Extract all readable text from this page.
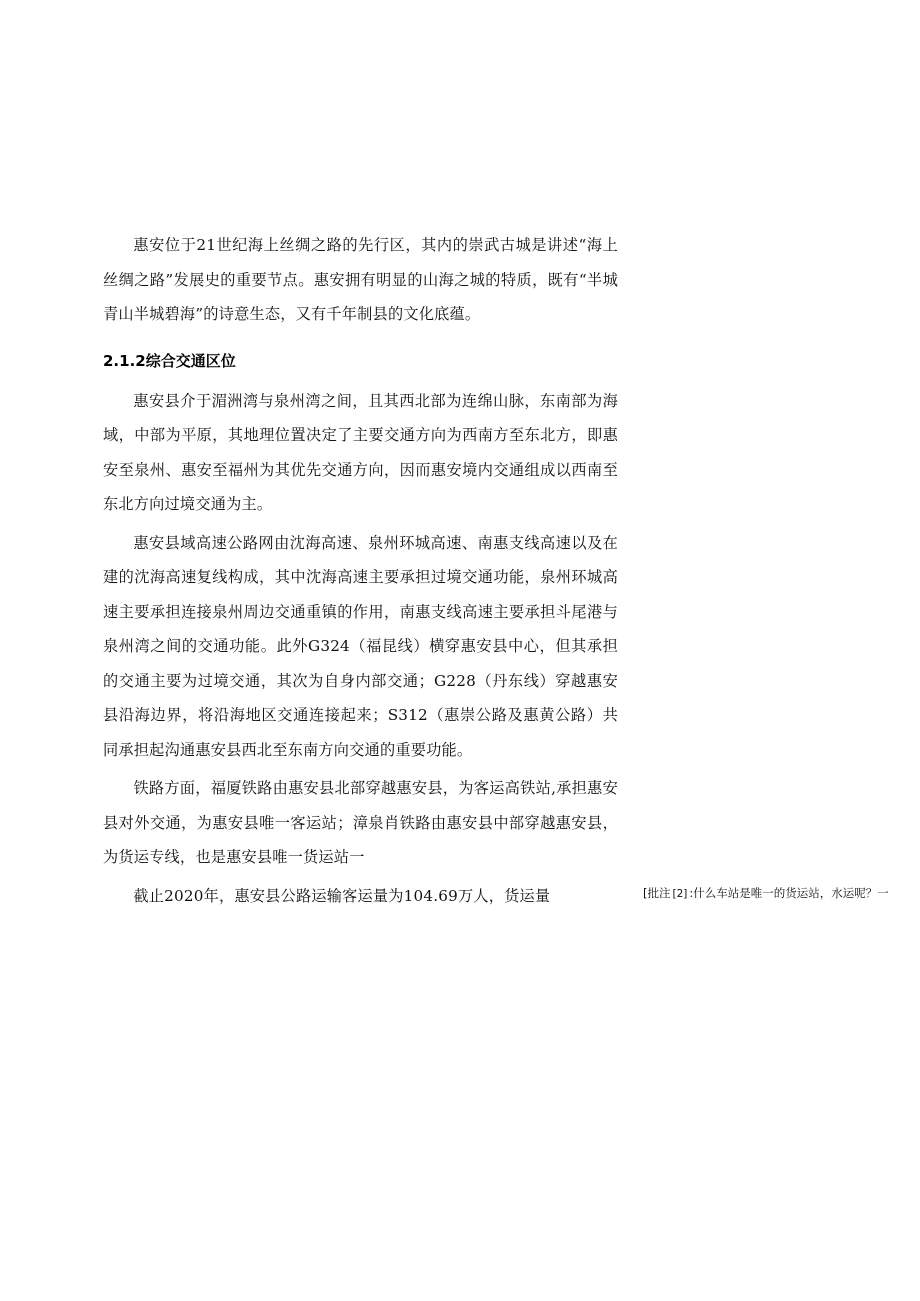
惠安位于21世纪海上丝绸之路的先行区，其内的崇武古城是讲述“海上丝绸之路”发展史的重要节点。惠安拥有明显的山海之城的特质，既有“半城青山半城碧海”的诗意生态，又有千年制县的文化底蕴。

2.1.2综合交通区位

惠安县介于湄洲湾与泉州湾之间，且其西北部为连绵山脉，东南部为海域，中部为平原，其地理位置决定了主要交通方向为西南方至东北方，即惠安至泉州、惠安至福州为其优先交通方向，因而惠安境内交通组成以西南至东北方向过境交通为主。

惠安县域高速公路网由沈海高速、泉州环城高速、南惠支线高速以及在建的沈海高速复线构成，其中沈海高速主要承担过境交通功能，泉州环城高速主要承担连接泉州周边交通重镇的作用，南惠支线高速主要承担斗尾港与泉州湾之间的交通功能。此外G324（福昆线）横穿惠安县中心，但其承担的交通主要为过境交通，其次为自身内部交通；G228（丹东线）穿越惠安县沿海边界，将沿海地区交通连接起来；S312（惠崇公路及惠黄公路）共同承担起沟通惠安县西北至东南方向交通的重要功能。

铁路方面，福厦铁路由惠安县北部穿越惠安县，为客运高铁站,承担惠安县对外交通，为惠安县唯一客运站；漳泉肖铁路由惠安县中部穿越惠安县，为货运专线，也是惠安县唯一货运站一

截止2020年，惠安县公路运输客运量为104.69万人，货运量	[批注 [2] :什么车站是唯一的货运站，水运呢？一
